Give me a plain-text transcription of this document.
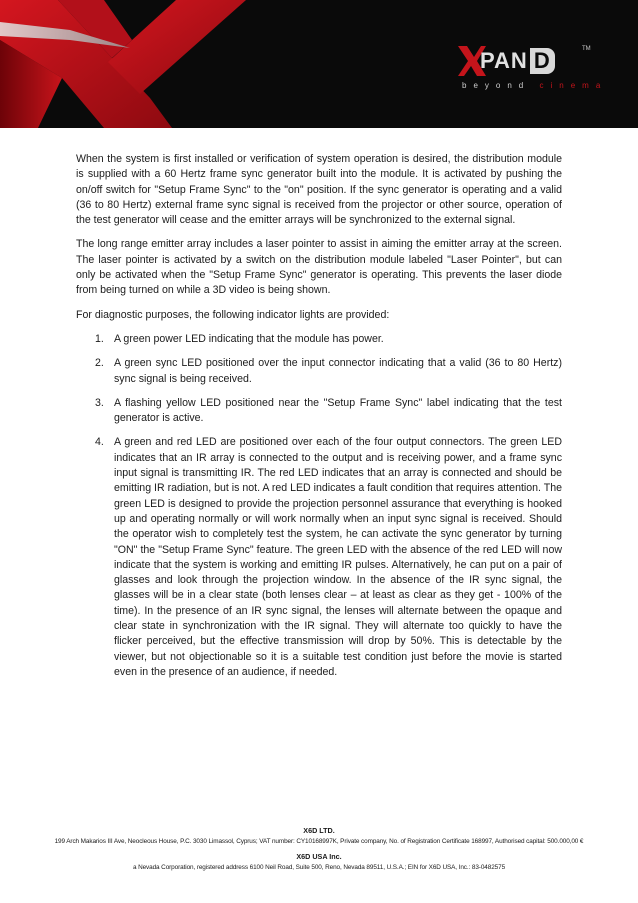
PAN D	TM
beyond cinema

When the system is first installed or verification of system operation is desired, the distribution module is supplied with a 60 Hertz frame sync generator built into the module. It is activated by pushing the on/off switch for "Setup Frame Sync" to the "on" position. If the sync generator is operating and a valid (36 to 80 Hertz) external frame sync signal is received from the projector or other source, operation of the test generator will cease and the emitter arrays will be synchronized to the external signal.

The long range emitter array includes a laser pointer to assist in aiming the emitter array at the screen. The laser pointer is activated by a switch on the distribution module labeled "Laser Pointer", but can only be activated when the "Setup Frame Sync" generator is operating. This prevents the laser diode from being turned on while a 3D video is being shown.

For diagnostic purposes, the following indicator lights are provided:

1. A green power LED indicating that the module has power.
2. A green sync LED positioned over the input connector indicating that a valid (36 to 80 Hertz) sync signal is being received.
3. A flashing yellow LED positioned near the "Setup Frame Sync" label indicating that the test generator is active.
4. A green and red LED are positioned over each of the four output connectors. The green LED indicates that an IR array is connected to the output and is receiving power, and a frame sync input signal is transmitting IR. The red LED indicates that an array is connected and should be emitting IR radiation, but is not. A red LED indicates a fault condition that requires attention. The green LED is designed to provide the projection personnel assurance that everything is hooked up and operating normally or will work normally when an input sync signal is received. Should the operator wish to completely test the system, he can activate the sync generator by turning "ON" the "Setup Frame Sync" feature. The green LED with the absence of the red LED will now indicate that the system is working and emitting IR pulses. Alternatively, he can put on a pair of glasses and look through the projection window. In the absence of the IR sync signal, the glasses will be in a clear state (both lenses clear – at least as clear as they get - 100% of the time). In the presence of an IR sync signal, the lenses will alternate between the opaque and clear state in synchronization with the IR signal. They will alternate too quickly to have the flicker perceived, but the effective transmission will drop by 50%. This is detectable by the viewer, but not objectionable so it is a suitable test condition just before the movie is started even in the presence of an audience, if needed.
X6D LTD.
199 Arch Makarios III Ave, Neocleous House, P.C. 3030 Limassol, Cyprus; VAT number: CY10168997K, Private company, No. of Registration Certificate 168997, Authorised capital: 500.000,00 €
X6D USA Inc.
a Nevada Corporation, registered address 6100 Neil Road, Suite 500, Reno, Nevada 89511, U.S.A.; EIN for X6D USA, Inc.: 83-0482575
